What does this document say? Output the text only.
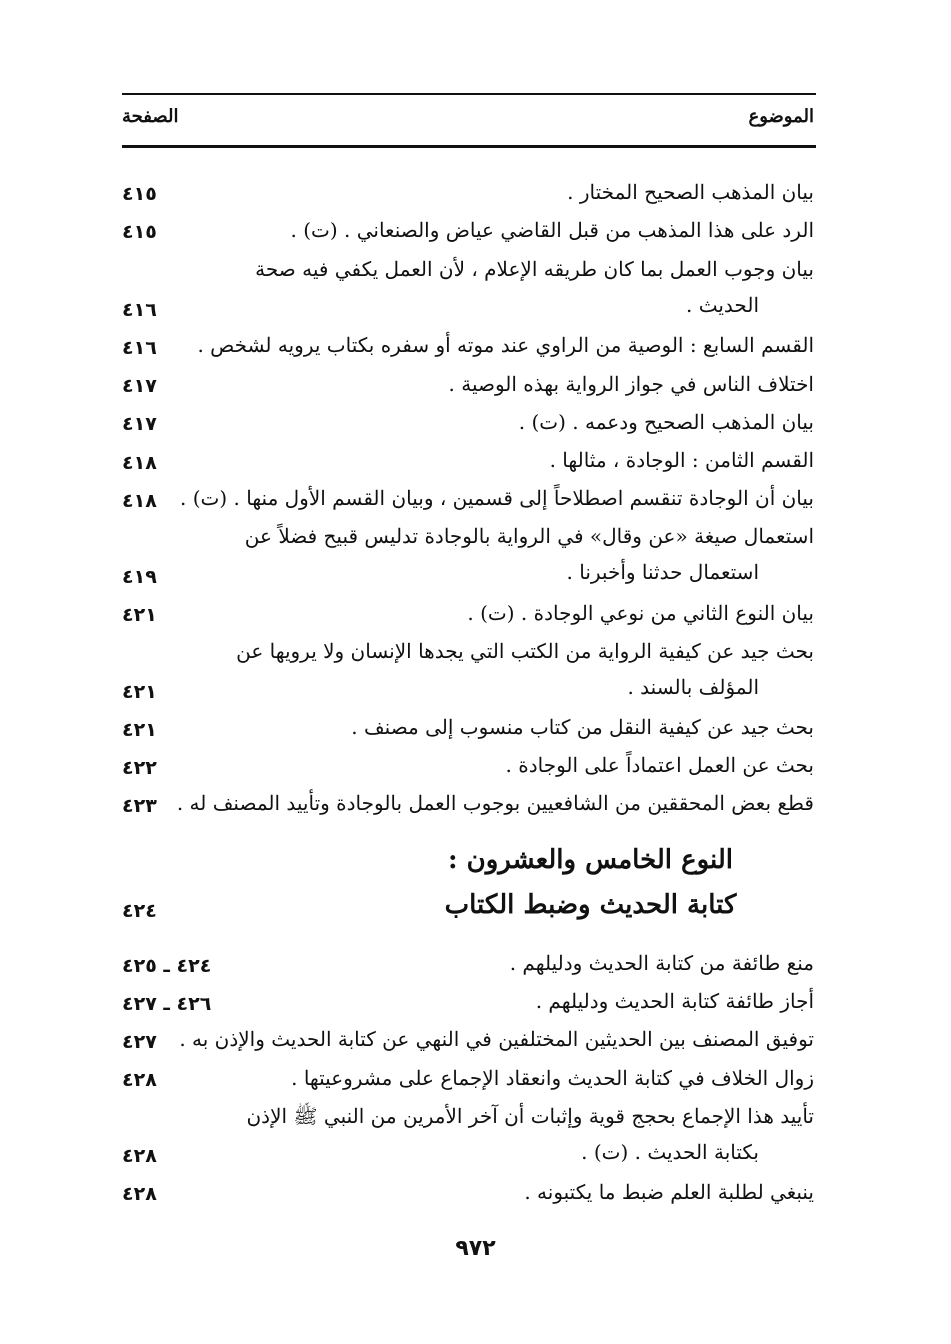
الموضوع
الصفحة
بيان المذهب الصحيح المختار .
٤١٥
الرد على هذا المذهب من قبل القاضي عياض والصنعاني . (ت) .
٤١٥
بيان وجوب العمل بما كان طريقه الإعلام ، لأن العمل يكفي فيه صحة
الحديث .
٤١٦
القسم السابع : الوصية من الراوي عند موته أو سفره بكتاب يرويه لشخص .
٤١٦
اختلاف الناس في جواز الرواية بهذه الوصية .
٤١٧
بيان المذهب الصحيح ودعمه . (ت) .
٤١٧
القسم الثامن : الوجادة ، مثالها .
٤١٨
بيان أن الوجادة تنقسم اصطلاحاً إلى قسمين ، وبيان القسم الأول منها . (ت) .
٤١٨
استعمال صيغة «عن وقال» في الرواية بالوجادة تدليس قبيح فضلاً عن
استعمال حدثنا وأخبرنا .
٤١٩
بيان النوع الثاني من نوعي الوجادة . (ت) .
٤٢١
بحث جيد عن كيفية الرواية من الكتب التي يجدها الإنسان ولا يرويها عن
المؤلف بالسند .
٤٢١
بحث جيد عن كيفية النقل من كتاب منسوب إلى مصنف .
٤٢١
بحث عن العمل اعتماداً على الوجادة .
٤٢٢
قطع بعض المحققين من الشافعيين بوجوب العمل بالوجادة وتأييد المصنف له .
٤٢٣
النوع الخامس والعشرون :
كتابة الحديث وضبط الكتاب
٤٢٤
منع طائفة من كتابة الحديث ودليلهم .
٤٢٤ ـ ٤٢٥
أجاز طائفة كتابة الحديث ودليلهم .
٤٢٦ ـ ٤٢٧
توفيق المصنف بين الحديثين المختلفين في النهي عن كتابة الحديث والإذن به .
٤٢٧
زوال الخلاف في كتابة الحديث وانعقاد الإجماع على مشروعيتها .
٤٢٨
تأييد هذا الإجماع بحجج قوية وإثبات أن آخر الأمرين من النبي ﷺ الإذن
بكتابة الحديث . (ت) .
٤٢٨
ينبغي لطلبة العلم ضبط ما يكتبونه .
٤٢٨
٩٧٢
